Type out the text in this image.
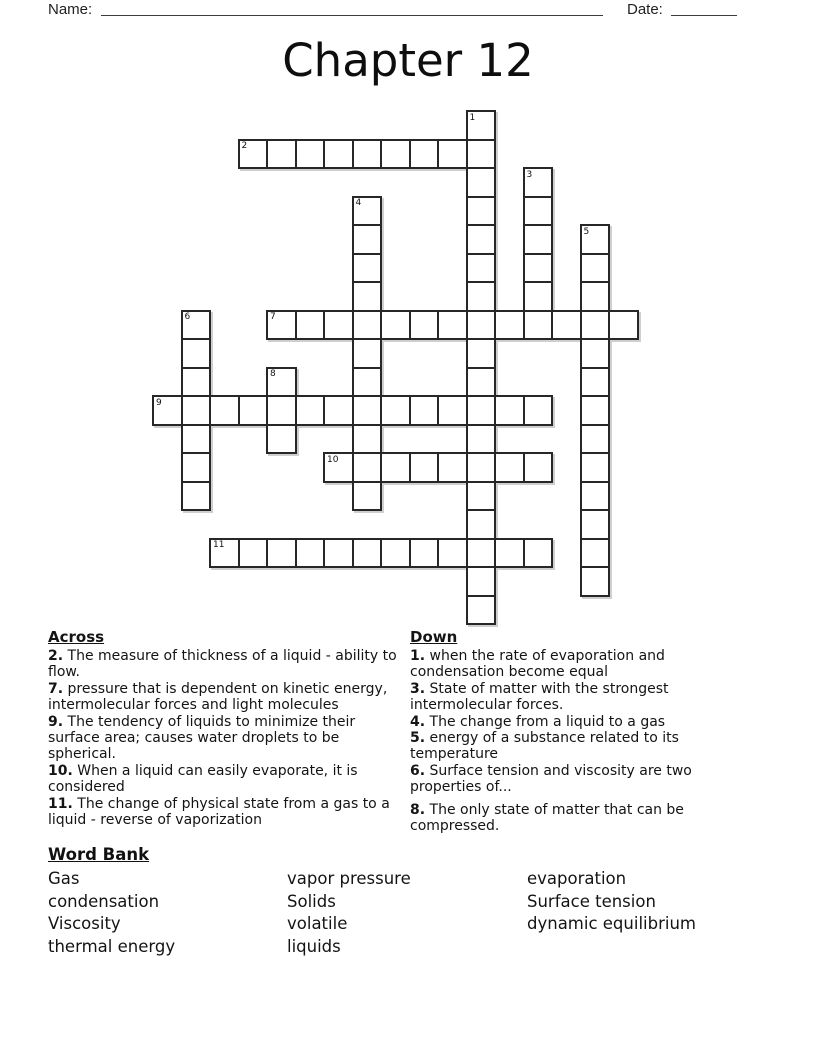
Name:	Date:
Chapter 12
1
2
3
4
5
6	7
8
9
10
11
Across

2. The measure of thickness of a liquid - ability to flow.

7. pressure that is dependent on kinetic energy, intermolecular forces and light molecules

9. The tendency of liquids to minimize their surface area; causes water droplets to be spherical.

10. When a liquid can easily evaporate, it is considered

11. The change of physical state from a gas to a liquid - reverse of vaporization

Down

1. when the rate of evaporation and condensation become equal

3. State of matter with the strongest intermolecular forces.

4. The change from a liquid to a gas

5. energy of a substance related to its temperature

6. Surface tension and viscosity are two properties of...

8. The only state of matter that can be compressed.

Word Bank
Gas
condensation
Viscosity
thermal energy
vapor pressure
Solids
volatile
liquids
evaporation
Surface tension
dynamic equilibrium
